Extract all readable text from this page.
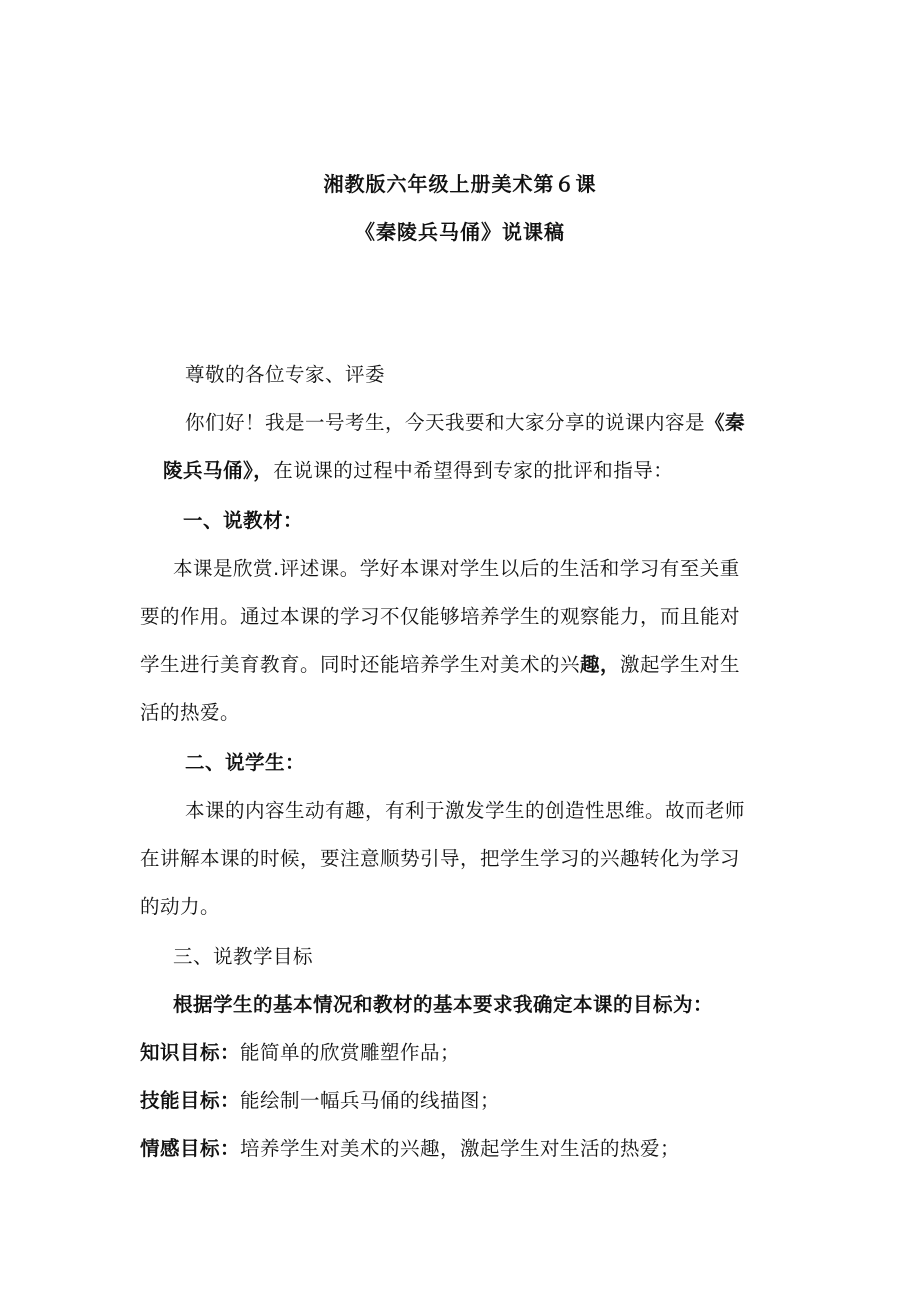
湘教版六年级上册美术第６课
《秦陵兵马俑》说课稿
尊敬的各位专家、评委
你们好！我是一号考生，今天我要和大家分享的说课内容是《秦
陵兵马俑》，在说课的过程中希望得到专家的批评和指导：
一、说教材：
本课是欣赏.评述课。学好本课对学生以后的生活和学习有至关重
要的作用。通过本课的学习不仅能够培养学生的观察能力，而且能对
学生进行美育教育。同时还能培养学生对美术的兴趣，激起学生对生
活的热爱。
二、说学生：
本课的内容生动有趣，有利于激发学生的创造性思维。故而老师
在讲解本课的时候，要注意顺势引导，把学生学习的兴趣转化为学习
的动力。
三、说教学目标
根据学生的基本情况和教材的基本要求我确定本课的目标为：
知识目标：能简单的欣赏雕塑作品；
技能目标：能绘制一幅兵马俑的线描图；
情感目标：培养学生对美术的兴趣，激起学生对生活的热爱；
